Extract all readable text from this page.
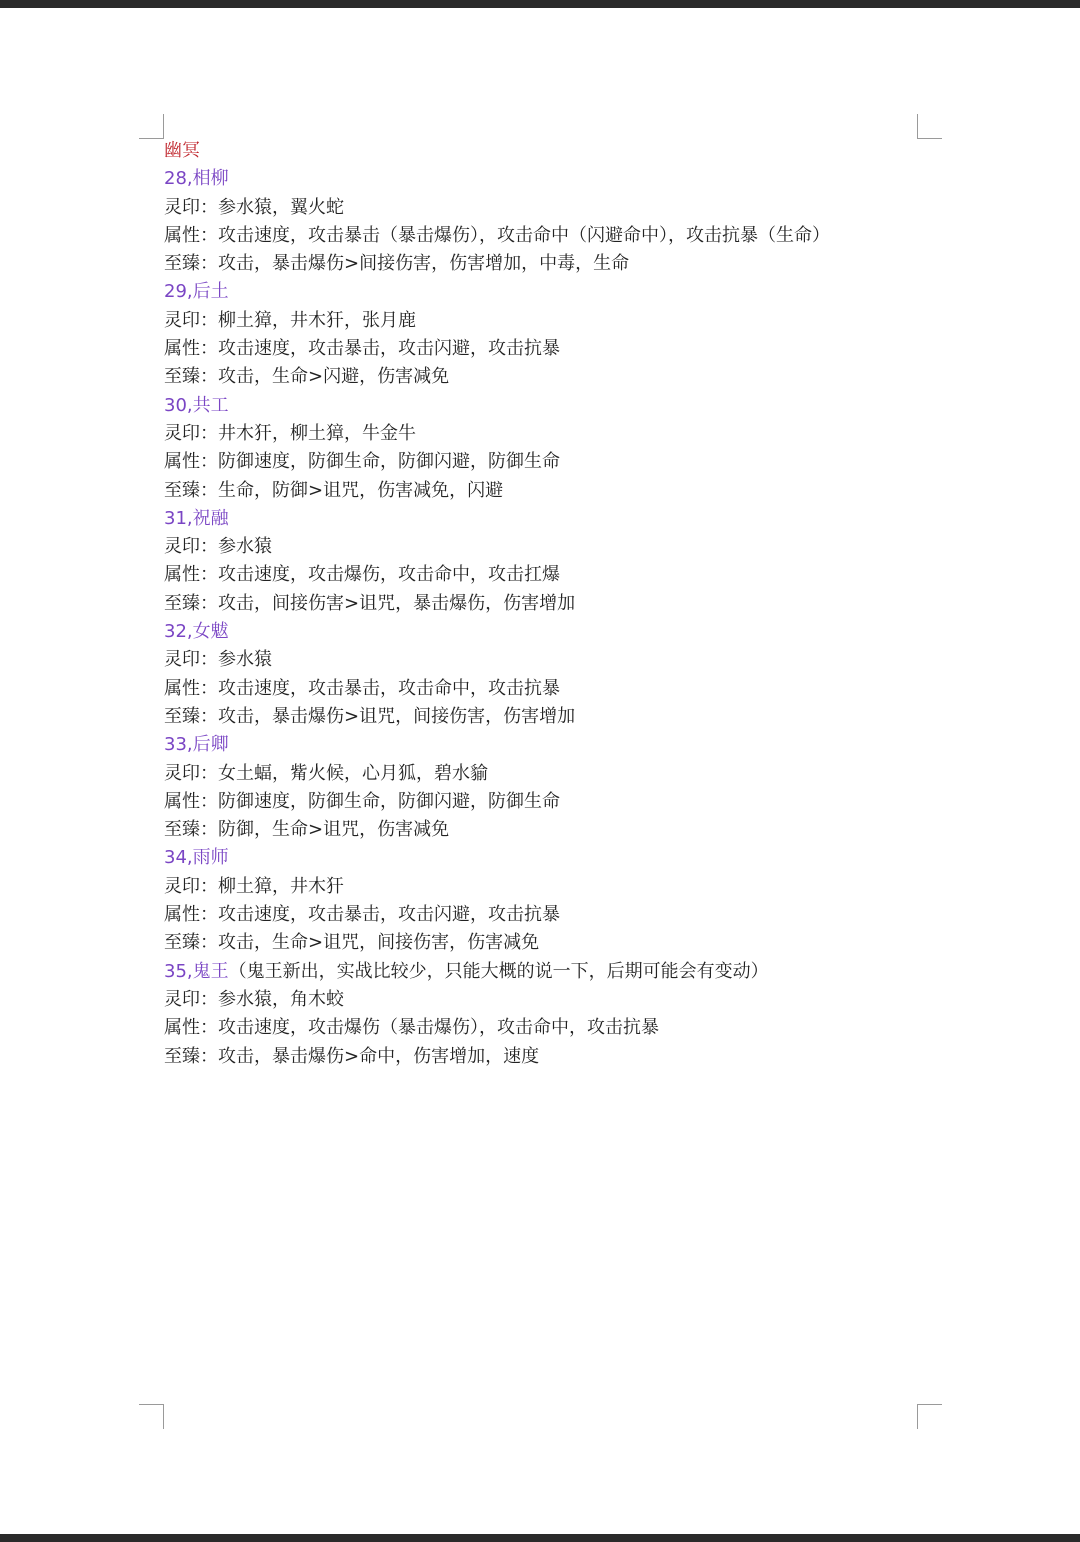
幽冥
28,相柳
灵印：参水猿，翼火蛇
属性：攻击速度，攻击暴击（暴击爆伤），攻击命中（闪避命中），攻击抗暴（生命）
至臻：攻击，暴击爆伤>间接伤害，伤害增加，中毒，生命
29,后土
灵印：柳土獐，井木犴，张月鹿
属性：攻击速度，攻击暴击，攻击闪避，攻击抗暴
至臻：攻击，生命>闪避，伤害减免
30,共工
灵印：井木犴，柳土獐，牛金牛
属性：防御速度，防御生命，防御闪避，防御生命
至臻：生命，防御>诅咒，伤害减免，闪避
31,祝融
灵印：参水猿
属性：攻击速度，攻击爆伤，攻击命中，攻击扛爆
至臻：攻击，间接伤害>诅咒，暴击爆伤，伤害增加
32,女魃
灵印：参水猿
属性：攻击速度，攻击暴击，攻击命中，攻击抗暴
至臻：攻击，暴击爆伤>诅咒，间接伤害，伤害增加
33,后卿
灵印：女土蝠，觜火候，心月狐，碧水貐
属性：防御速度，防御生命，防御闪避，防御生命
至臻：防御，生命>诅咒，伤害减免
34,雨师
灵印：柳土獐，井木犴
属性：攻击速度，攻击暴击，攻击闪避，攻击抗暴
至臻：攻击，生命>诅咒，间接伤害，伤害减免
35,鬼王（鬼王新出，实战比较少，只能大概的说一下，后期可能会有变动）
灵印：参水猿，角木蛟
属性：攻击速度，攻击爆伤（暴击爆伤），攻击命中，攻击抗暴
至臻：攻击，暴击爆伤>命中，伤害增加，速度
